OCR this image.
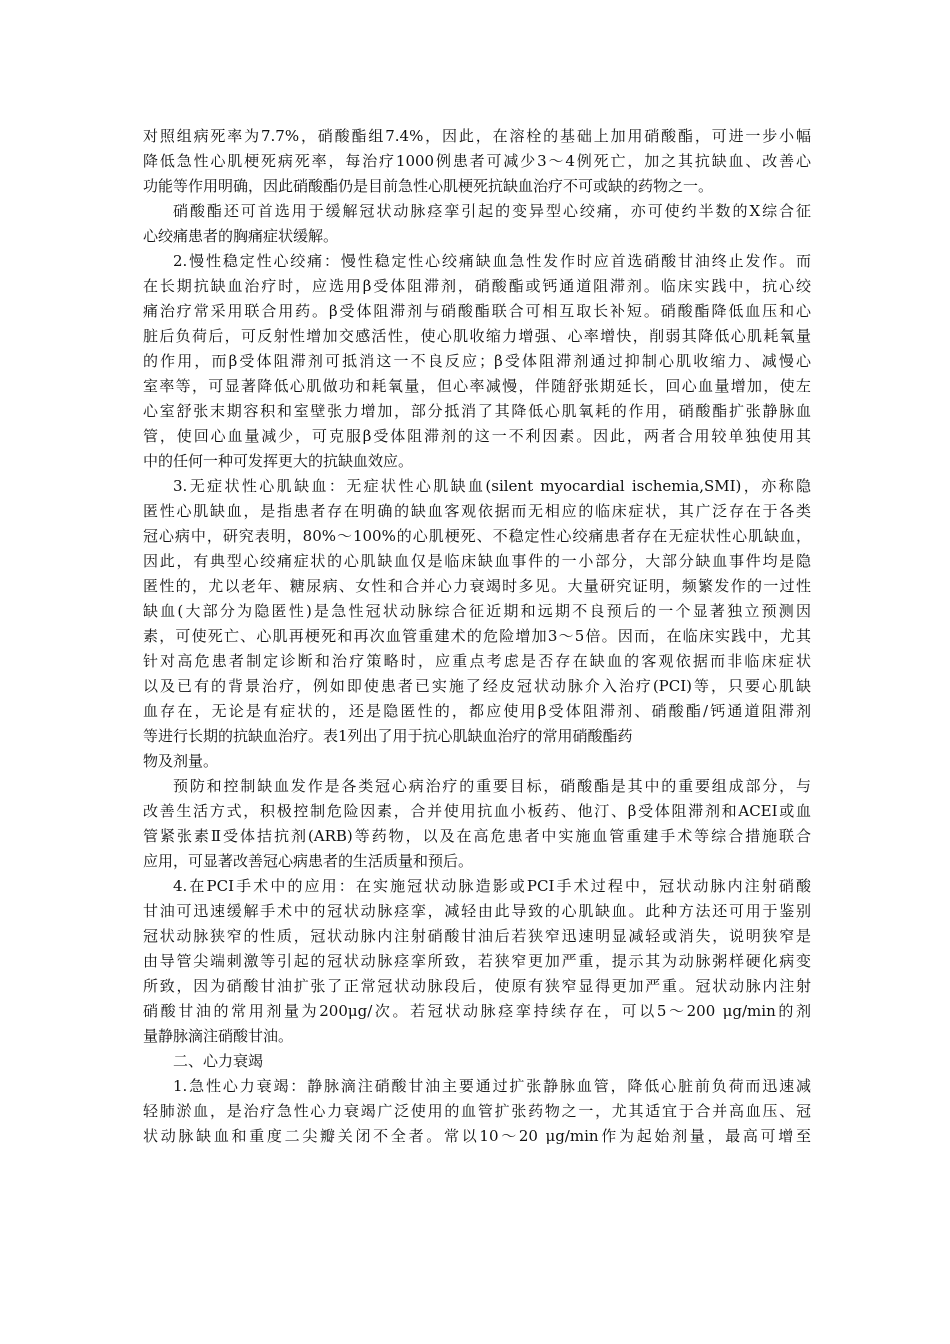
对照组病死率为7.7%，硝酸酯组7.4%，因此，在溶栓的基础上加用硝酸酯，可进一步小幅
降低急性心肌梗死病死率，每治疗1000例患者可减少3～4例死亡，加之其抗缺血、改善心
功能等作用明确，因此硝酸酯仍是目前急性心肌梗死抗缺血治疗不可或缺的药物之一。
硝酸酯还可首选用于缓解冠状动脉痉挛引起的变异型心绞痛，亦可使约半数的X综合征
心绞痛患者的胸痛症状缓解。
2.慢性稳定性心绞痛：慢性稳定性心绞痛缺血急性发作时应首选硝酸甘油终止发作。而
在长期抗缺血治疗时，应选用β受体阻滞剂，硝酸酯或钙通道阻滞剂。临床实践中，抗心绞
痛治疗常采用联合用药。β受体阻滞剂与硝酸酯联合可相互取长补短。硝酸酯降低血压和心
脏后负荷后，可反射性增加交感活性，使心肌收缩力增强、心率增快，削弱其降低心肌耗氧量
的作用，而β受体阻滞剂可抵消这一不良反应；β受体阻滞剂通过抑制心肌收缩力、减慢心
室率等，可显著降低心肌做功和耗氧量，但心率减慢，伴随舒张期延长，回心血量增加，使左
心室舒张末期容积和室壁张力增加，部分抵消了其降低心肌氧耗的作用，硝酸酯扩张静脉血
管，使回心血量减少，可克服β受体阻滞剂的这一不利因素。因此，两者合用较单独使用其
中的任何一种可发挥更大的抗缺血效应。
3.无症状性心肌缺血：无症状性心肌缺血(silent myocardial ischemia,SMI)，亦称隐
匿性心肌缺血，是指患者存在明确的缺血客观依据而无相应的临床症状，其广泛存在于各类
冠心病中，研究表明，80%～100%的心肌梗死、不稳定性心绞痛患者存在无症状性心肌缺血，
因此，有典型心绞痛症状的心肌缺血仅是临床缺血事件的一小部分，大部分缺血事件均是隐
匿性的，尤以老年、糖尿病、女性和合并心力衰竭时多见。大量研究证明，频繁发作的一过性
缺血(大部分为隐匿性)是急性冠状动脉综合征近期和远期不良预后的一个显著独立预测因
素，可使死亡、心肌再梗死和再次血管重建术的危险增加3～5倍。因而，在临床实践中，尤其
针对高危患者制定诊断和治疗策略时，应重点考虑是否存在缺血的客观依据而非临床症状
以及已有的背景治疗，例如即使患者已实施了经皮冠状动脉介入治疗(PCI)等，只要心肌缺
血存在，无论是有症状的，还是隐匿性的，都应使用β受体阻滞剂、硝酸酯/钙通道阻滞剂
等进行长期的抗缺血治疗。表1列出了用于抗心肌缺血治疗的常用硝酸酯药
物及剂量。
预防和控制缺血发作是各类冠心病治疗的重要目标，硝酸酯是其中的重要组成部分，与
改善生活方式，积极控制危险因素，合并使用抗血小板药、他汀、β受体阻滞剂和ACEI或血
管紧张素Ⅱ受体拮抗剂(ARB)等药物，以及在高危患者中实施血管重建手术等综合措施联合
应用，可显著改善冠心病患者的生活质量和预后。
4.在PCI手术中的应用：在实施冠状动脉造影或PCI手术过程中，冠状动脉内注射硝酸
甘油可迅速缓解手术中的冠状动脉痉挛，减轻由此导致的心肌缺血。此种方法还可用于鉴别
冠状动脉狭窄的性质，冠状动脉内注射硝酸甘油后若狭窄迅速明显减轻或消失，说明狭窄是
由导管尖端刺激等引起的冠状动脉痉挛所致，若狭窄更加严重，提示其为动脉粥样硬化病变
所致，因为硝酸甘油扩张了正常冠状动脉段后，使原有狭窄显得更加严重。冠状动脉内注射
硝酸甘油的常用剂量为200μg/次。若冠状动脉痉挛持续存在，可以5～200 μg/min的剂
量静脉滴注硝酸甘油。
二、心力衰竭
1.急性心力衰竭：静脉滴注硝酸甘油主要通过扩张静脉血管，降低心脏前负荷而迅速减
轻肺淤血，是治疗急性心力衰竭广泛使用的血管扩张药物之一，尤其适宜于合并高血压、冠
状动脉缺血和重度二尖瓣关闭不全者。常以10～20 μg/min作为起始剂量，最高可增至
